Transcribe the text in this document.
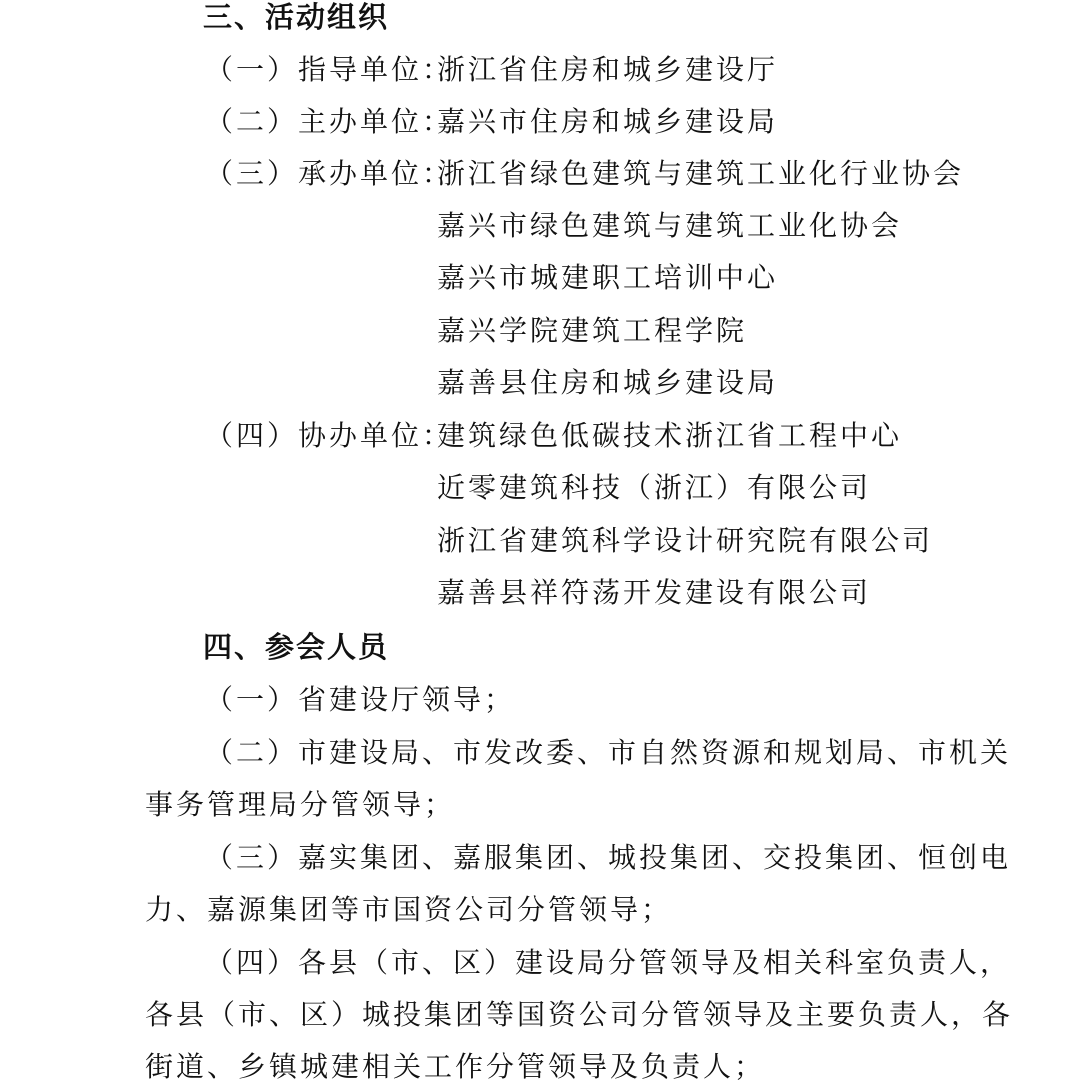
三、活动组织
（一）指导单位：
浙江省住房和城乡建设厅
（二）主办单位：
嘉兴市住房和城乡建设局
（三）承办单位：
浙江省绿色建筑与建筑工业化行业协会
嘉兴市绿色建筑与建筑工业化协会
嘉兴市城建职工培训中心
嘉兴学院建筑工程学院
嘉善县住房和城乡建设局
（四）协办单位：
建筑绿色低碳技术浙江省工程中心
近零建筑科技（浙江）有限公司
浙江省建筑科学设计研究院有限公司
嘉善县祥符荡开发建设有限公司
四、参会人员
（一）省建设厅领导；
（二）市建设局、市发改委、市自然资源和规划局、市机关
事务管理局分管领导；
（三）嘉实集团、嘉服集团、城投集团、交投集团、恒创电
力、嘉源集团等市国资公司分管领导；
（四）各县（市、区）建设局分管领导及相关科室负责人，
各县（市、区）城投集团等国资公司分管领导及主要负责人，各
街道、乡镇城建相关工作分管领导及负责人；
